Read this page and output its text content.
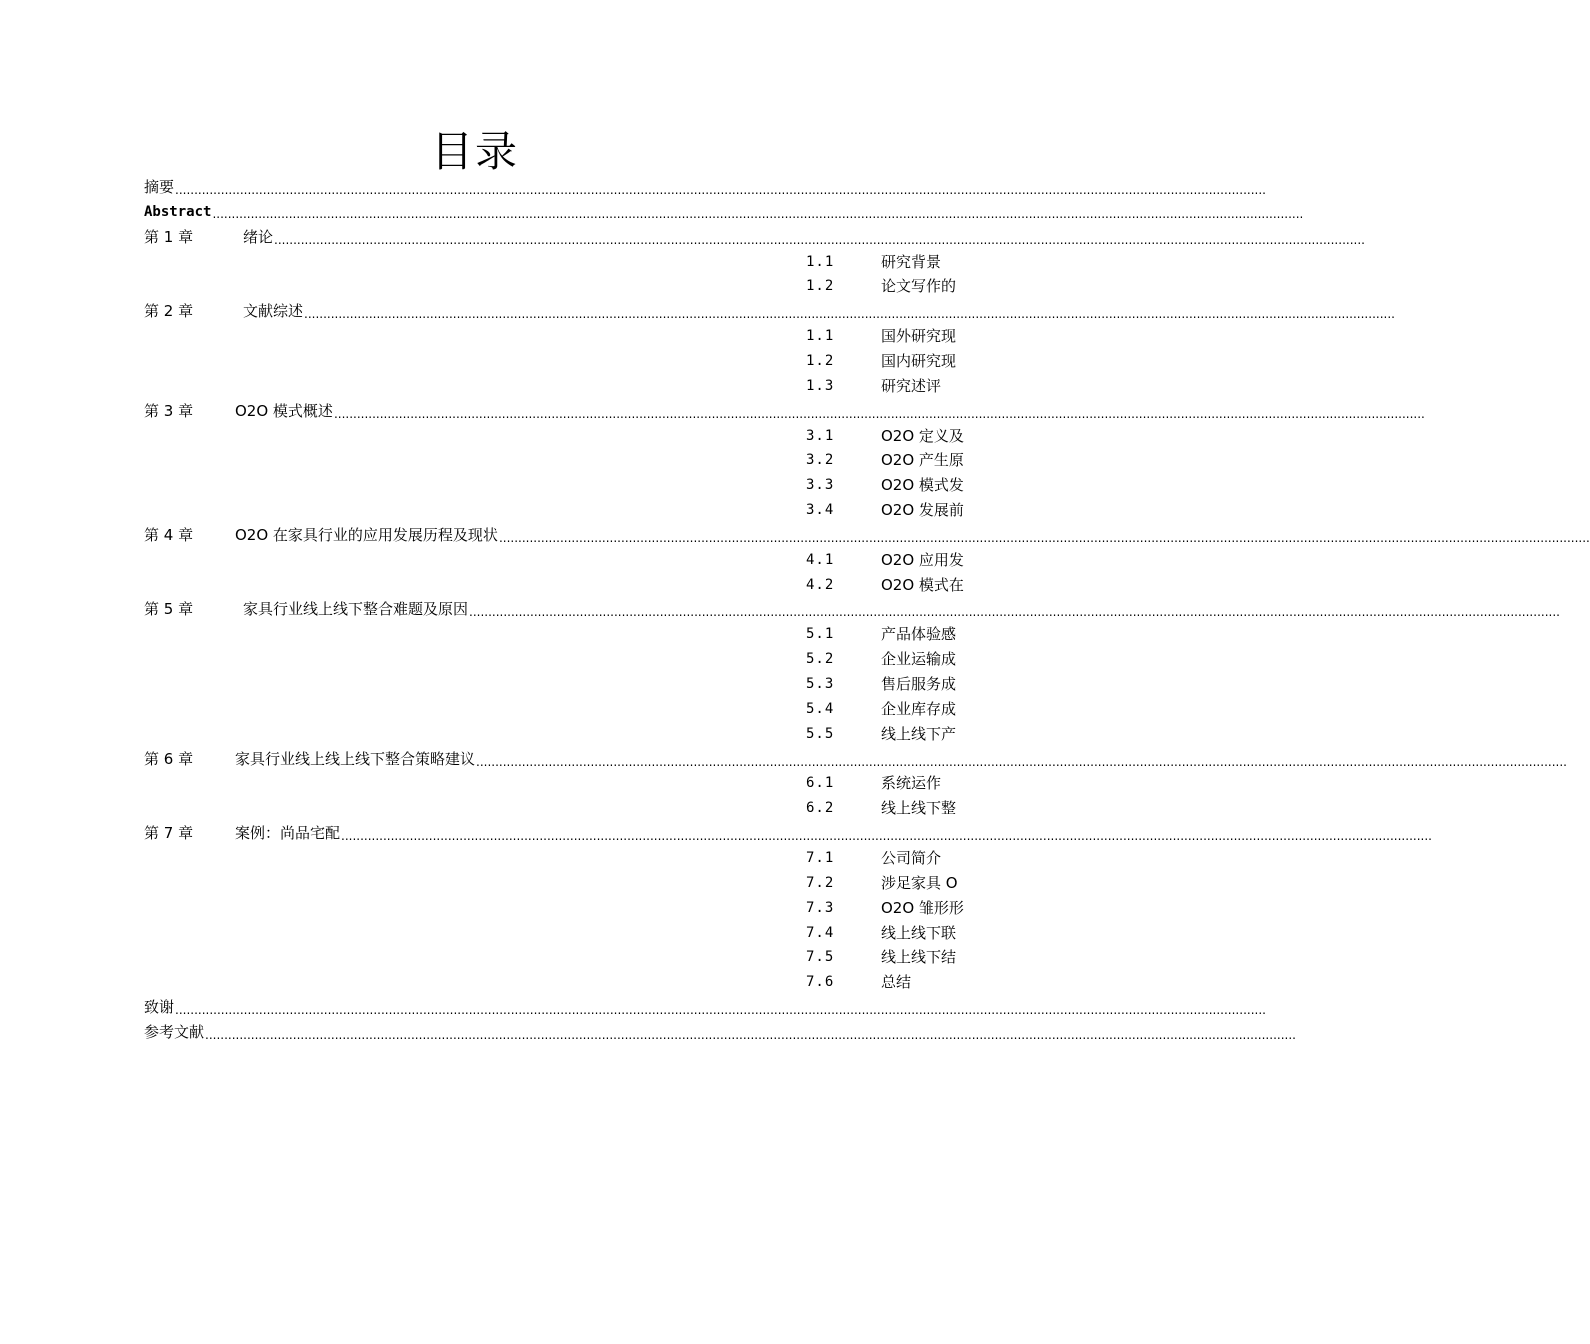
目录
摘要
.....
Abstract
.....
第 1 章	绪论
.....
1.1	研究背景
1.2	论文写作的
第 2 章	文献综述
.....
1.1	国外研究现
1.2	国内研究现
1.3	研究述评
第 3 章	O2O 模式概述
.....
3.1	O2O 定义及
3.2	O2O 产生原
3.3	O2O 模式发
3.4	O2O 发展前
第 4 章	O2O 在家具行业的应用发展历程及现状
.....
4.1	O2O 应用发
4.2	O2O 模式在
第 5 章	家具行业线上线下整合难题及原因
.....
5.1	产品体验感
5.2	企业运输成
5.3	售后服务成
5.4	企业库存成
5.5	线上线下产
第 6 章	家具行业线上线上线下整合策略建议
.....
6.1	系统运作
6.2	线上线下整
第 7 章	案例：尚品宅配
.....
7.1	公司简介
7.2	涉足家具 O
7.3	O2O 雏形形
7.4	线上线下联
7.5	线上线下结
7.6	总结
致谢
.....
参考文献
.....
